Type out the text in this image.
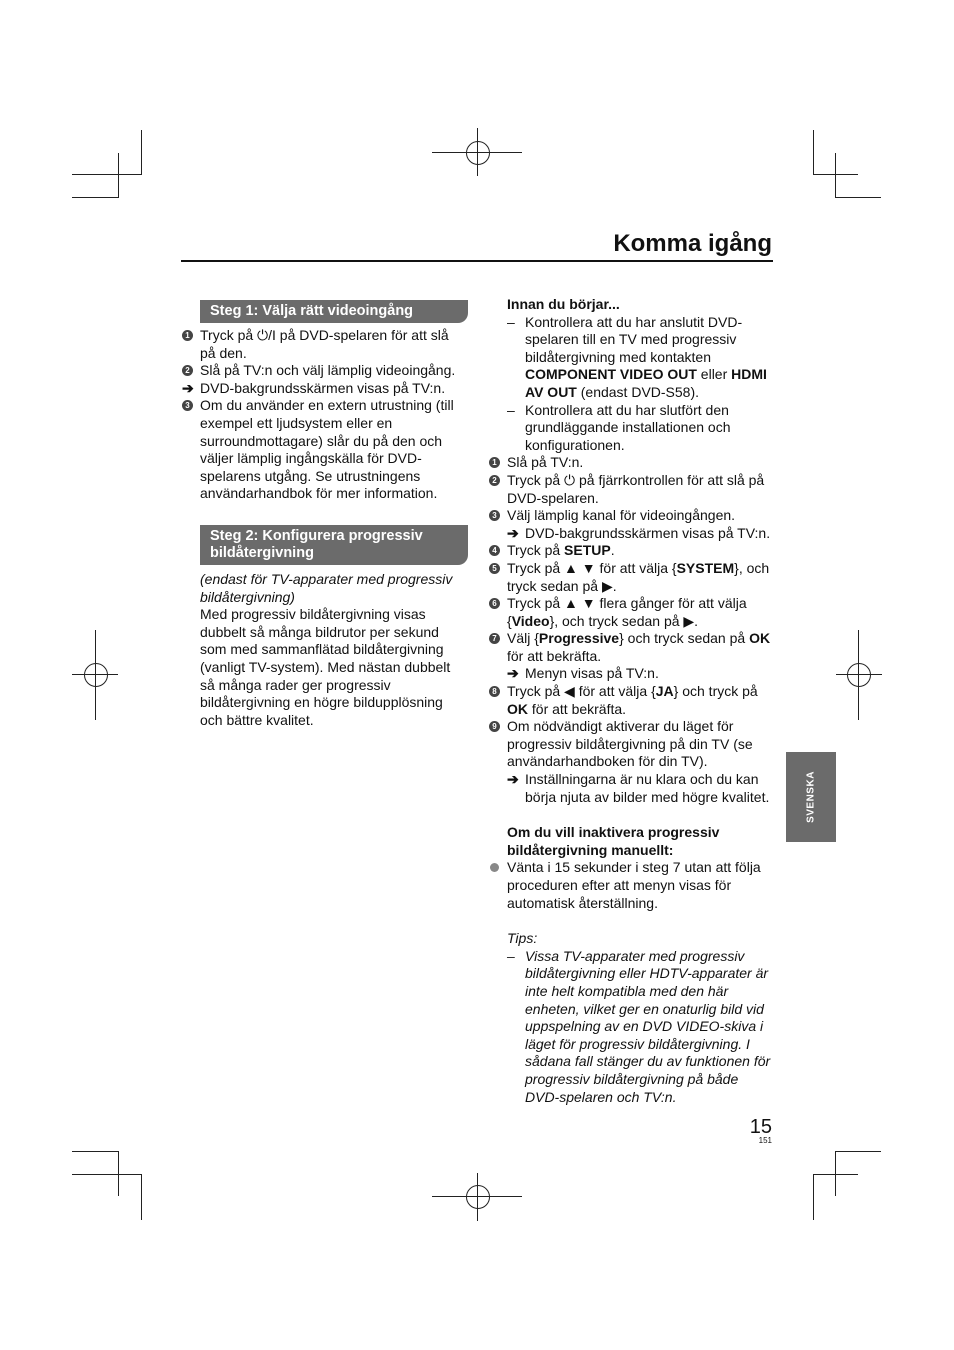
Komma igång
Steg 1: Välja rätt videoingång
1 Tryck på ⏻/I på DVD-spelaren för att slå på den.

2 Slå på TV:n och välj lämplig videoingång.

➔ DVD-bakgrundsskärmen visas på TV:n.
3 Om du använder en extern utrustning (till exempel ett ljudsystem eller en surroundmottagare) slår du på den och väljer lämplig ingångskälla för DVD-spelarens utgång. Se utrustningens användarhandbok för mer information.

Steg 2: Konfigurera progressiv bildåtergivning

(endast för TV-apparater med progressiv bildåtergivning)

Med progressiv bildåtergivning visas dubbelt så många bildrutor per sekund som med sammanflätad bildåtergivning (vanligt TV-system). Med nästan dubbelt så många rader ger progressiv bildåtergivning en högre bildupplösning och bättre kvalitet.

Innan du börjar...

– Kontrollera att du har anslutit DVD-spelaren till en TV med progressiv bildåtergivning med kontakten COMPONENT VIDEO OUT eller HDMI AV OUT (endast DVD-S58).
– Kontrollera att du har slutfört den grundläggande installationen och konfigurationen.
1 Slå på TV:n.

2 Tryck på ⏻ på fjärrkontrollen för att slå på DVD-spelaren.

3 Välj lämplig kanal för videoingången.

➔ DVD-bakgrundsskärmen visas på TV:n.
4 Tryck på SETUP.

5 Tryck på ▲ ▼ för att välja {SYSTEM}, och tryck sedan på ▶.

6 Tryck på ▲ ▼ flera gånger för att välja {Video}, och tryck sedan på ▶.

7 Välj {Progressive} och tryck sedan på OK för att bekräfta.

➔ Menyn visas på TV:n.
8 Tryck på ◀ för att välja {JA} och tryck på OK för att bekräfta.

9 Om nödvändigt aktiverar du läget för progressiv bildåtergivning på din TV (se användarhandboken för din TV).

➔ Inställningarna är nu klara och du kan börja njuta av bilder med högre kvalitet.

Om du vill inaktivera progressiv bildåtergivning manuellt:

Vänta i 15 sekunder i steg 7 utan att följa proceduren efter att menyn visas för automatisk återställning.

Tips:

– Vissa TV-apparater med progressiv bildåtergivning eller HDTV-apparater är inte helt kompatibla med den här enheten, vilket ger en onaturlig bild vid uppspelning av en DVD VIDEO-skiva i läget för progressiv bildåtergivning. I sådana fall stänger du av funktionen för progressiv bildåtergivning på både DVD-spelaren och TV:n.
SVENSKA
15
151
